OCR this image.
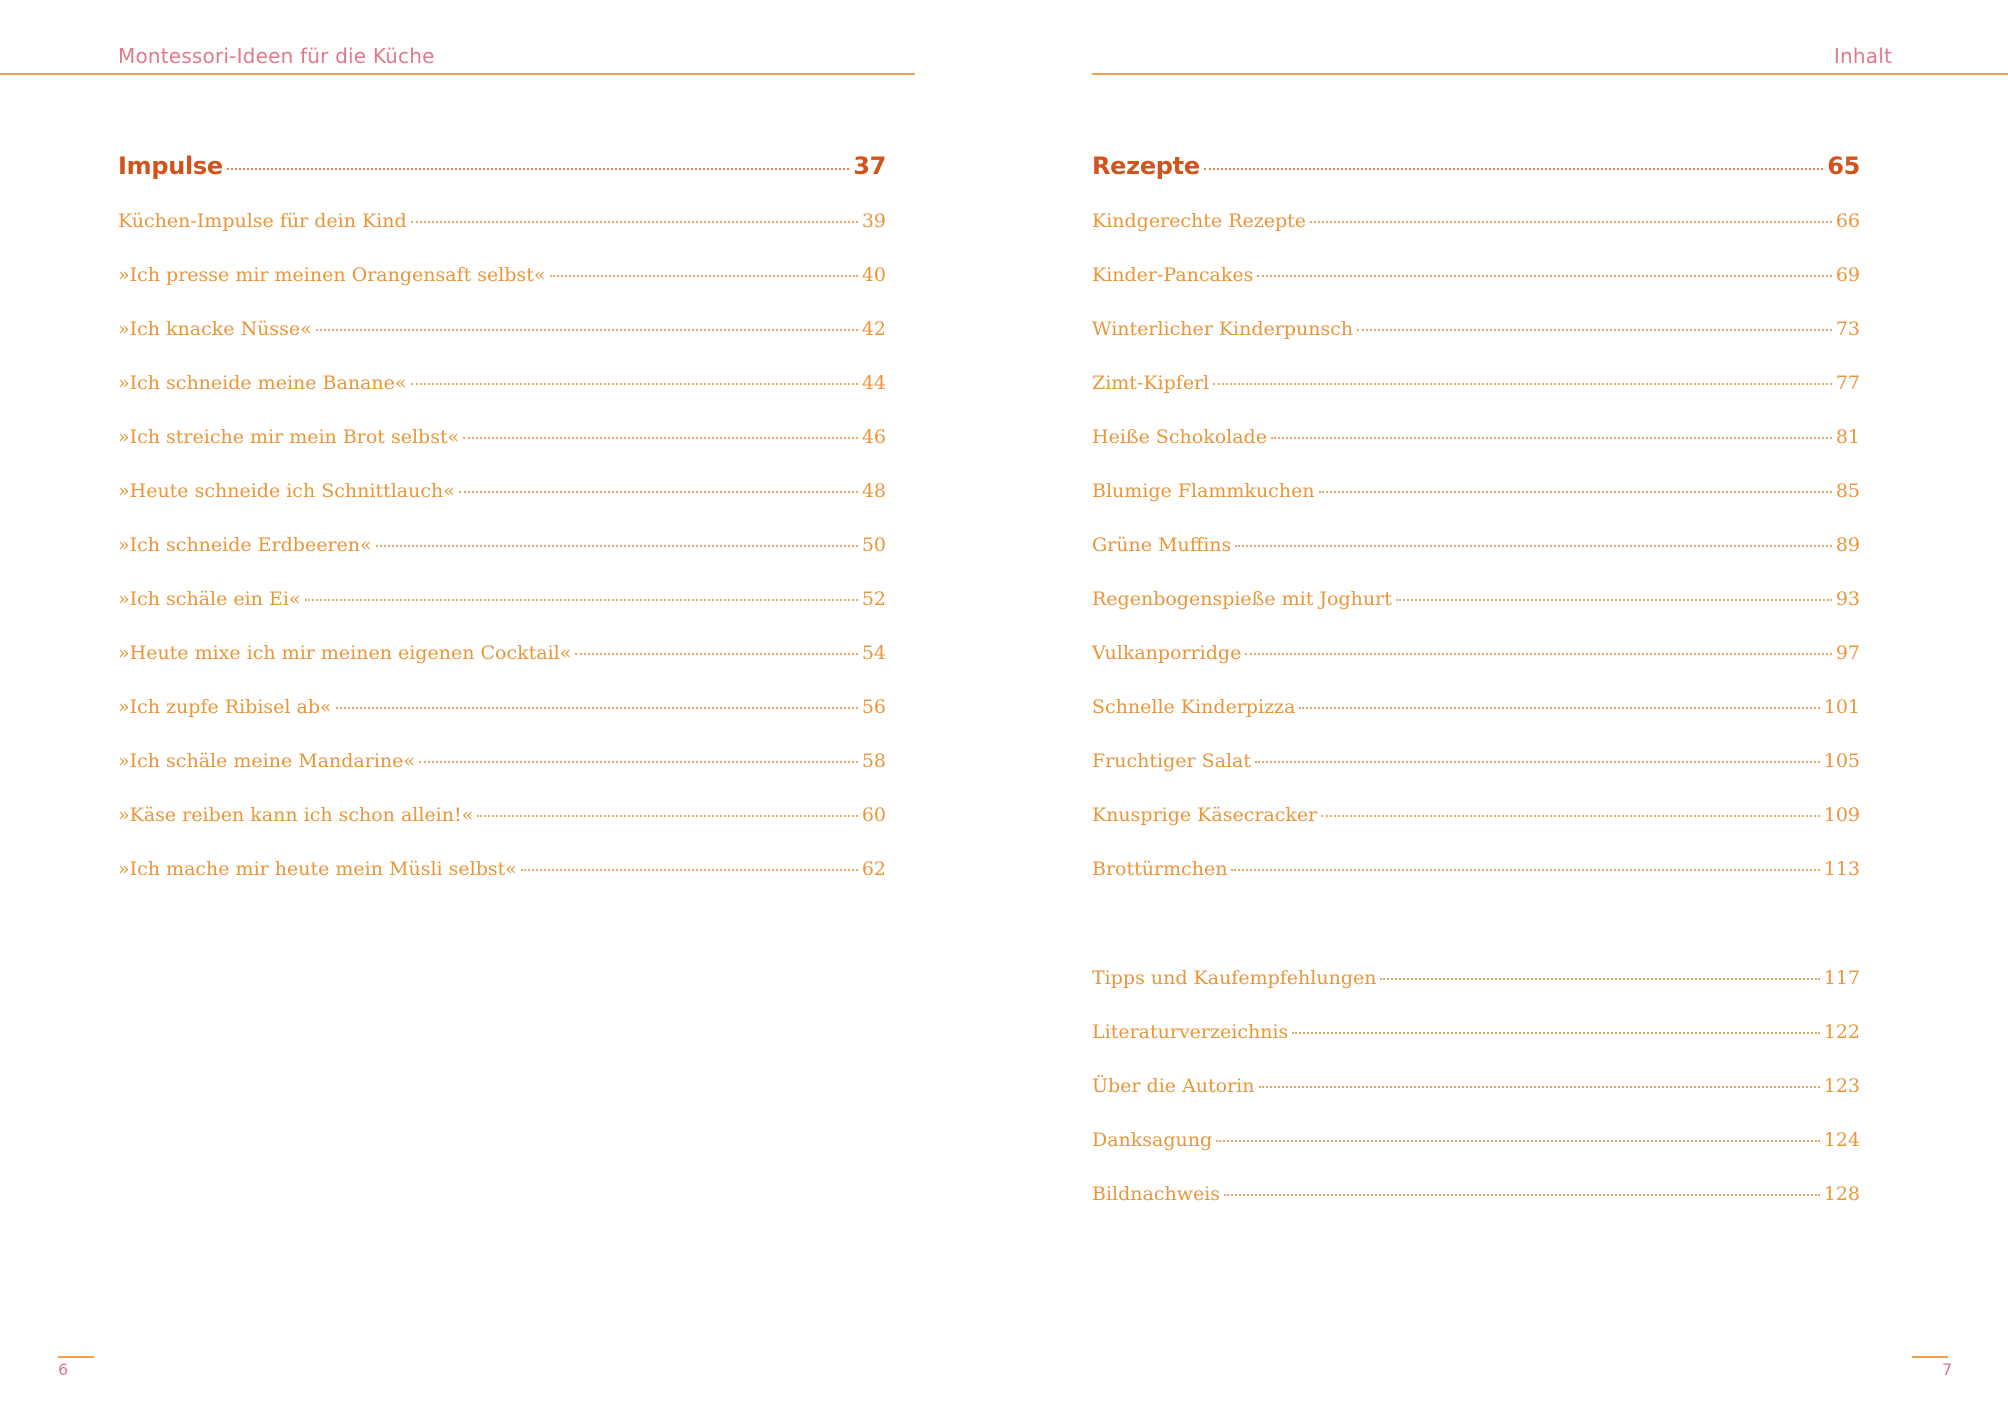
Montessori-Ideen für die Küche
Impulse	37
Küchen-Impulse für dein Kind	39
»Ich presse mir meinen Orangensaft selbst«	40
»Ich knacke Nüsse«	42
»Ich schneide meine Banane«	44
»Ich streiche mir mein Brot selbst«	46
»Heute schneide ich Schnittlauch«	48
»Ich schneide Erdbeeren«	50
»Ich schäle ein Ei«	52
»Heute mixe ich mir meinen eigenen Cocktail«	54
»Ich zupfe Ribisel ab«	56
»Ich schäle meine Mandarine«	58
»Käse reiben kann ich schon allein!«	60
»Ich mache mir heute mein Müsli selbst«	62
6
Inhalt
Rezepte	65
Kindgerechte Rezepte	66
Kinder-Pancakes	69
Winterlicher Kinderpunsch	73
Zimt-Kipferl	77
Heiße Schokolade	81
Blumige Flammkuchen	85
Grüne Muffins	89
Regenbogenspieße mit Joghurt	93
Vulkanporridge	97
Schnelle Kinderpizza	101
Fruchtiger Salat	105
Knusprige Käsecracker	109
Brottürmchen	113
Tipps und Kaufempfehlungen	117
Literaturverzeichnis	122
Über die Autorin	123
Danksagung	124
Bildnachweis	128
7
